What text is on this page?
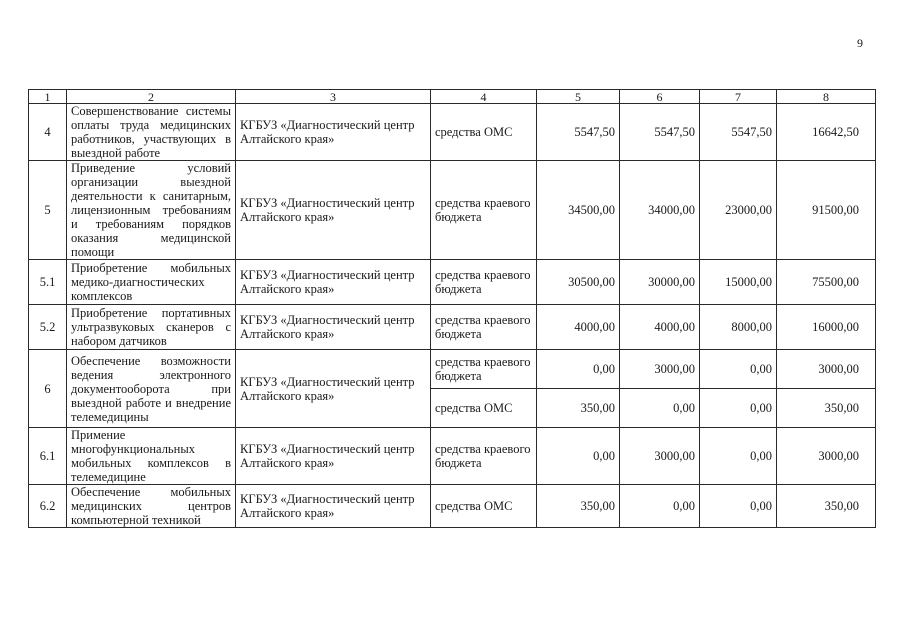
9
1	2	3	4	5	6	7	8
4	Совершенствование системы оплаты труда медицинских работников, участвующих в выездной работе	КГБУЗ «Диагностический центр Алтайского края»	средства ОМС	5547,50	5547,50	5547,50	16642,50
5	Приведение условий организации выездной деятельности к санитарным, лицензионным требованиям и требованиям порядков оказания медицинской помощи	КГБУЗ «Диагностический центр Алтайского края»	средства краевого бюджета	34500,00	34000,00	23000,00	91500,00
5.1	Приобретение мобильных медико-диагностических комплексов	КГБУЗ «Диагностический центр Алтайского края»	средства краевого бюджета	30500,00	30000,00	15000,00	75500,00
5.2	Приобретение портативных ультразвуковых сканеров с набором датчиков	КГБУЗ «Диагностический центр Алтайского края»	средства краевого бюджета	4000,00	4000,00	8000,00	16000,00
6	Обеспечение возможности ведения электронного документооборота при выездной работе и внедрение телемедицины	КГБУЗ «Диагностический центр Алтайского края»	средства краевого бюджета	0,00	3000,00	0,00	3000,00
			средства ОМС	350,00	0,00	0,00	350,00
6.1	Примение многофункциональных мобильных комплексов в телемедицине	КГБУЗ «Диагностический центр Алтайского края»	средства краевого бюджета	0,00	3000,00	0,00	3000,00
6.2	Обеспечение мобильных медицинских центров компьютерной техникой	КГБУЗ «Диагностический центр Алтайского края»	средства ОМС	350,00	0,00	0,00	350,00
